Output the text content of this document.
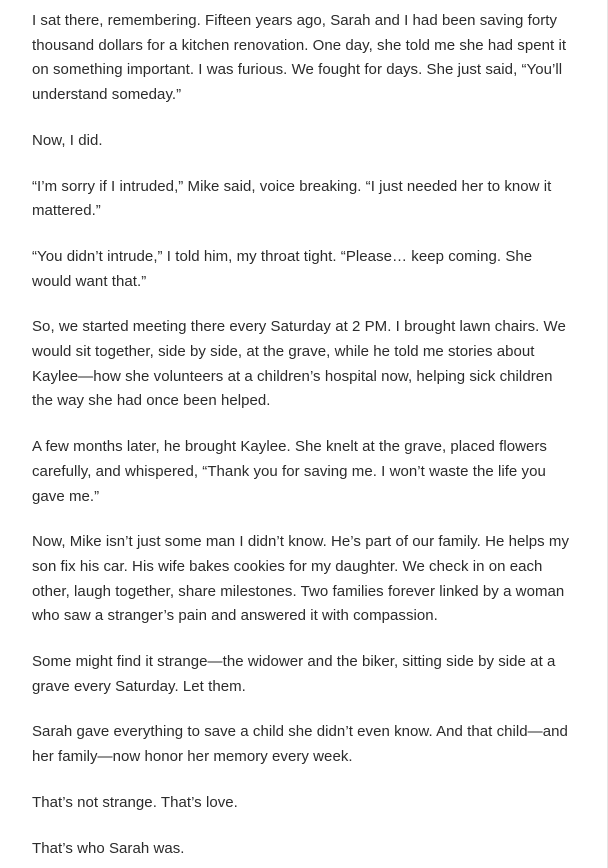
I sat there, remembering. Fifteen years ago, Sarah and I had been saving forty thousand dollars for a kitchen renovation. One day, she told me she had spent it on something important. I was furious. We fought for days. She just said, “You’ll understand someday.”

Now, I did.

“I’m sorry if I intruded,” Mike said, voice breaking. “I just needed her to know it mattered.”

“You didn’t intrude,” I told him, my throat tight. “Please… keep coming. She would want that.”

So, we started meeting there every Saturday at 2 PM. I brought lawn chairs. We would sit together, side by side, at the grave, while he told me stories about Kaylee—how she volunteers at a children’s hospital now, helping sick children the way she had once been helped.

A few months later, he brought Kaylee. She knelt at the grave, placed flowers carefully, and whispered, “Thank you for saving me. I won’t waste the life you gave me.”

Now, Mike isn’t just some man I didn’t know. He’s part of our family. He helps my son fix his car. His wife bakes cookies for my daughter. We check in on each other, laugh together, share milestones. Two families forever linked by a woman who saw a stranger’s pain and answered it with compassion.

Some might find it strange—the widower and the biker, sitting side by side at a grave every Saturday. Let them.

Sarah gave everything to save a child she didn’t even know. And that child—and her family—now honor her memory every week.

That’s not strange. That’s love.

That’s who Sarah was.
